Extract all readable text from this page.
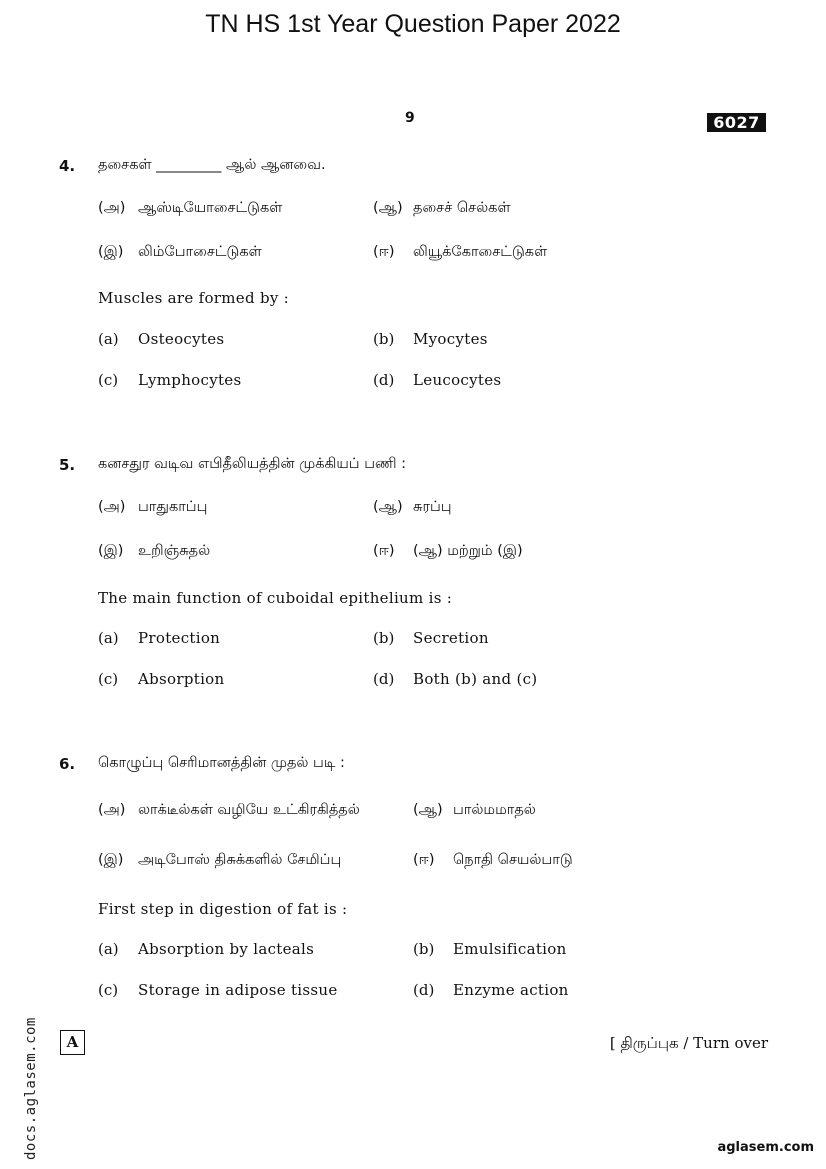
TN HS 1st Year Question Paper 2022
9	6027
4. தசைகள் _________ ஆல் ஆனவை.
(அ) ஆஸ்டியோசைட்டுகள்	(ஆ) தசைச் செல்கள்
(இ) லிம்போசைட்டுகள்	(ஈ) லியூக்கோசைட்டுகள்
Muscles are formed by :
(a) Osteocytes	(b) Myocytes
(c) Lymphocytes	(d) Leucocytes
5. கனசதுர வடிவ எபிதீலியத்தின் முக்கியப் பணி :
(அ) பாதுகாப்பு	(ஆ) சுரப்பு
(இ) உறிஞ்சுதல்	(ஈ) (ஆ) மற்றும் (இ)
The main function of cuboidal epithelium is :
(a) Protection	(b) Secretion
(c) Absorption	(d) Both (b) and (c)
6. கொழுப்பு செரிமானத்தின் முதல் படி :
(அ) லாக்டீல்கள் வழியே உட்கிரகித்தல்	(ஆ) பால்மமாதல்
(இ) அடிபோஸ் திசுக்களில் சேமிப்பு	(ஈ) நொதி செயல்பாடு
First step in digestion of fat is :
(a) Absorption by lacteals	(b) Emulsification
(c) Storage in adipose tissue	(d) Enzyme action
A	[ திருப்புக / Turn over
docs.aglasem.com	aglasem.com
